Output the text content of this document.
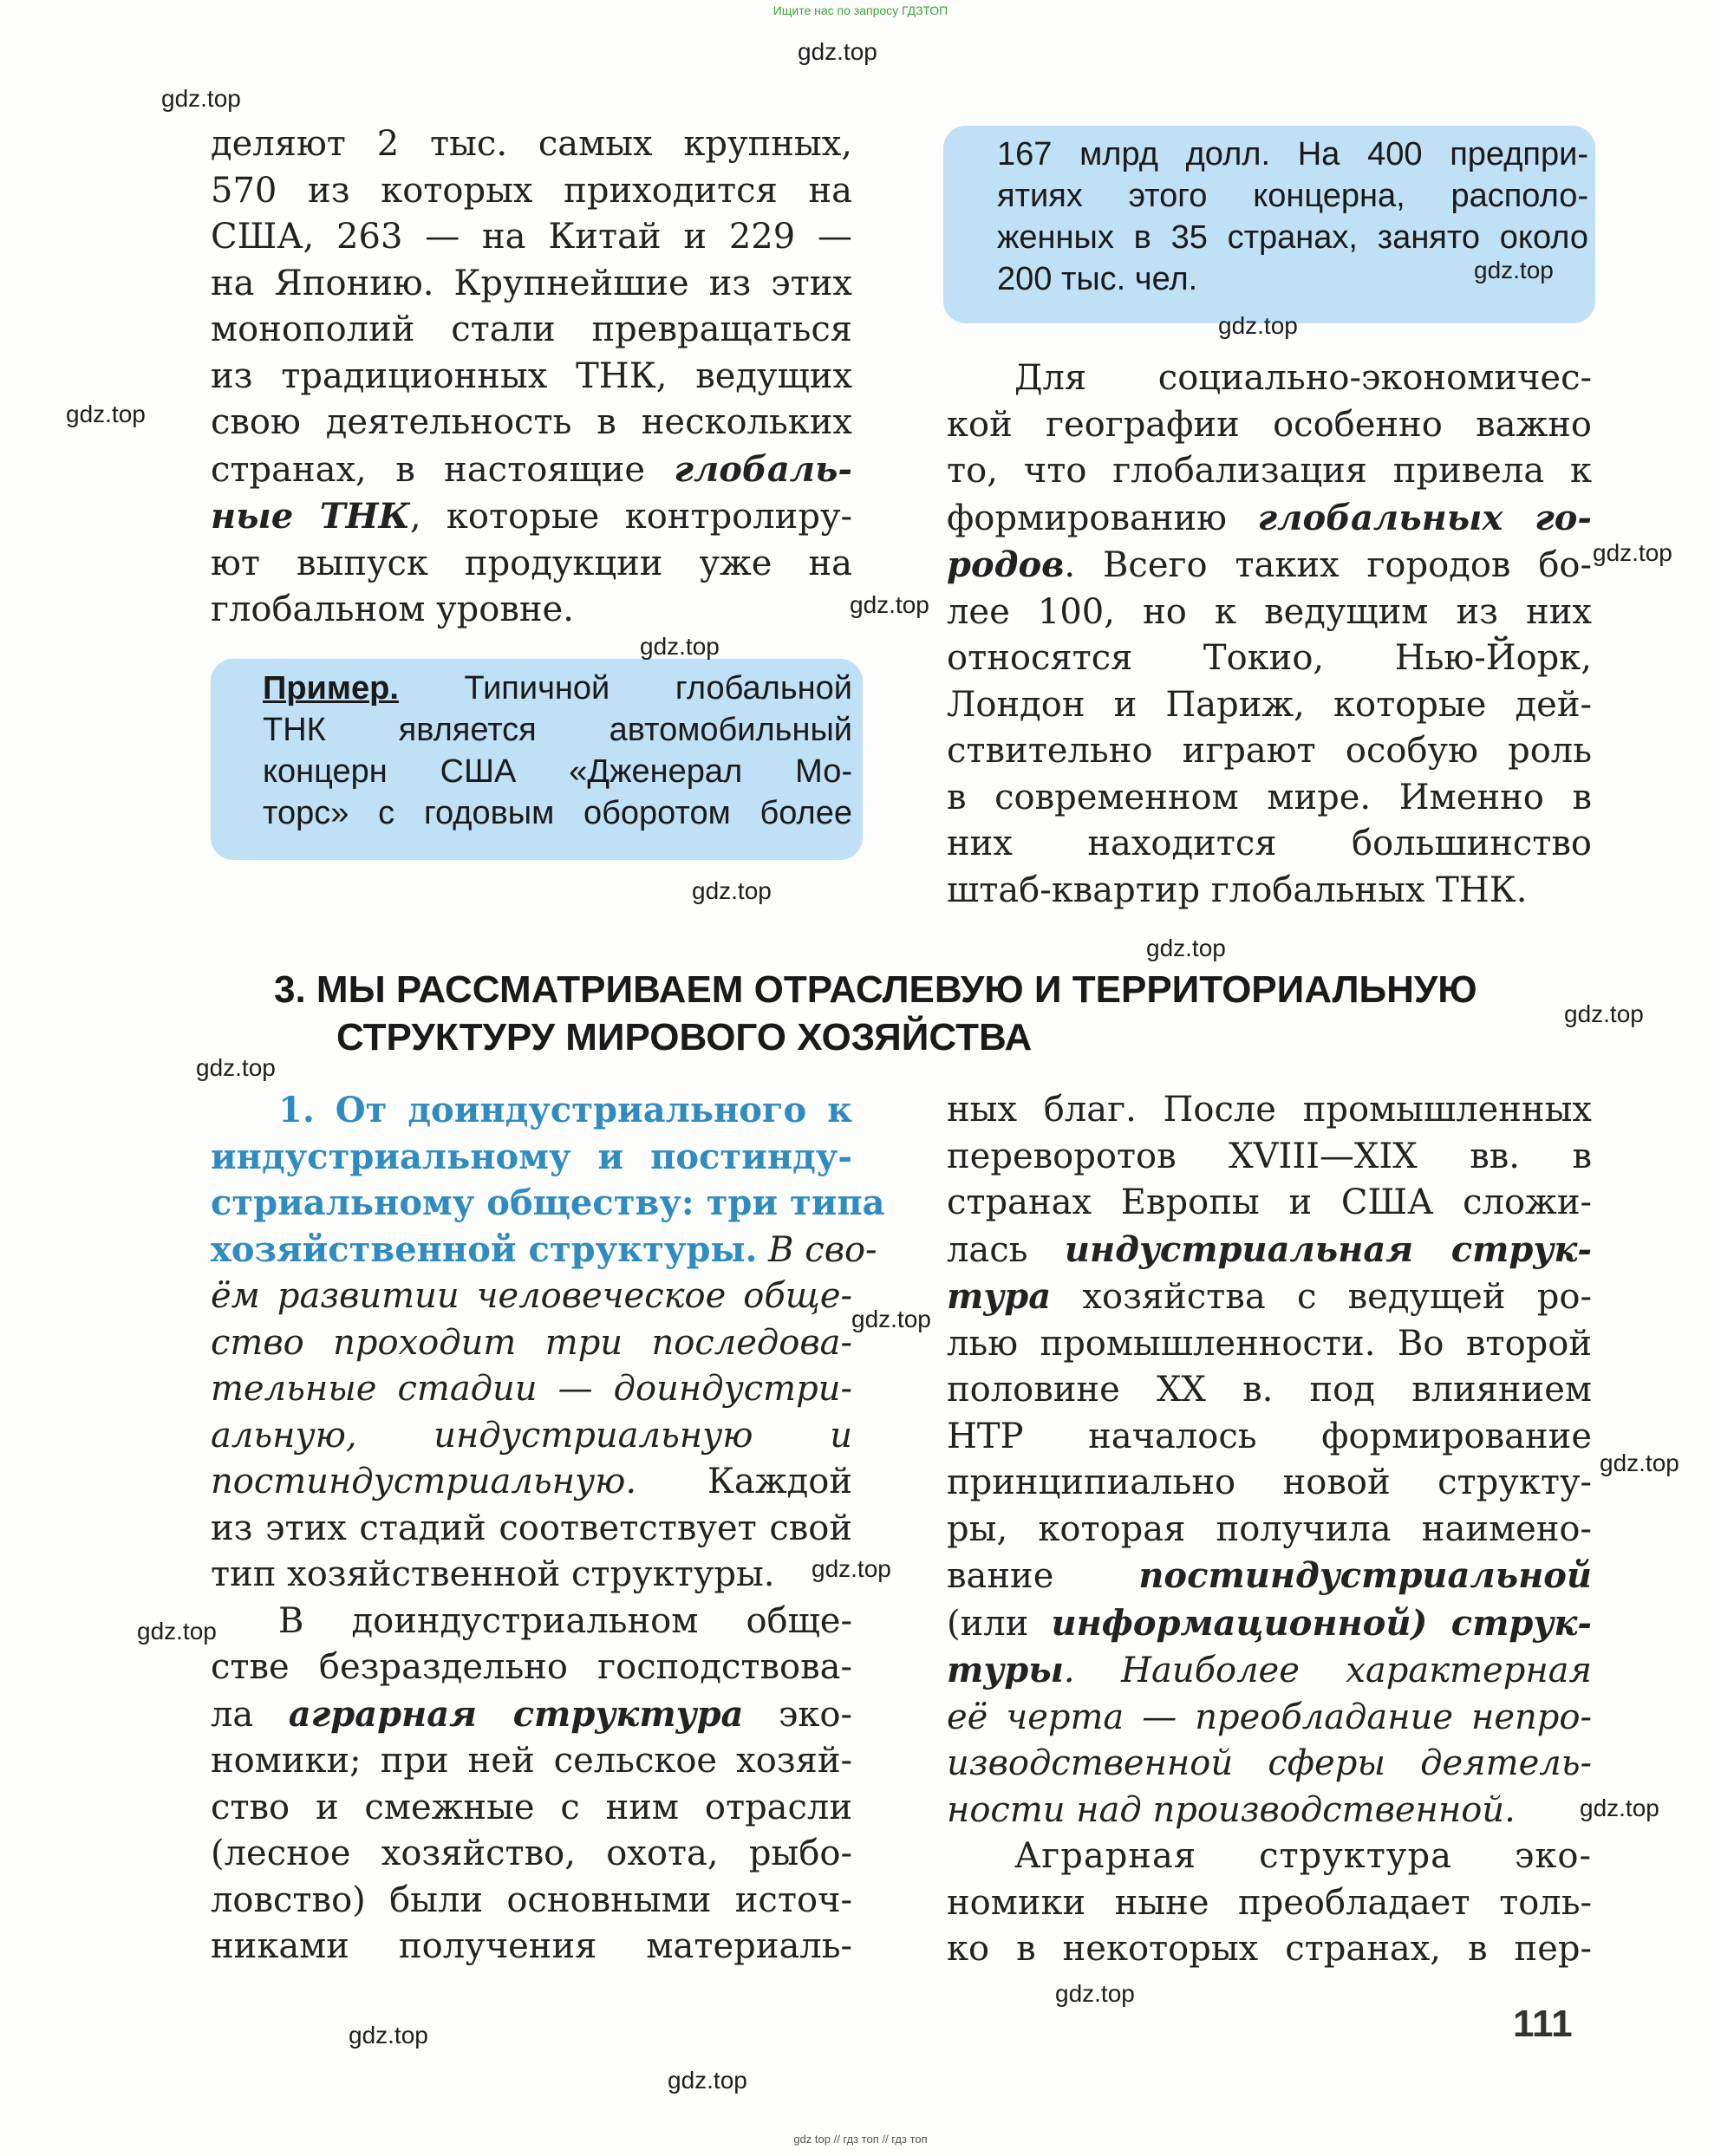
Ищите нас по запросу ГДЗТОП
деляют 2 тыс. самых крупных,
570 из которых приходится на
США, 263 — на Китай и 229 —
на Японию. Крупнейшие из этих
монополий стали превращаться
из традиционных ТНК, ведущих
свою деятельность в нескольких
странах, в настоящие глобаль-
ные ТНК, которые контролиру-
ют выпуск продукции уже на
глобальном уровне.
Пример. Типичной глобальной
ТНК является автомобильный
концерн США «Дженерал Мо-
торс» с годовым оборотом более
167 млрд долл. На 400 предпри-
ятиях этого концерна, располо-
женных в 35 странах, занято около
200 тыс. чел.
Для социально-экономичес-
кой географии особенно важно
то, что глобализация привела к
формированию глобальных го-
родов. Всего таких городов бо-
лее 100, но к ведущим из них
относятся Токио, Нью-Йорк,
Лондон и Париж, которые дей-
ствительно играют особую роль
в современном мире. Именно в
них находится большинство
штаб-квартир глобальных ТНК.
3. МЫ РАССМАТРИВАЕМ ОТРАСЛЕВУЮ И ТЕРРИТОРИАЛЬНУЮ
СТРУКТУРУ МИРОВОГО ХОЗЯЙСТВА
1. От доиндустриального к
индустриальному и постинду-
стриальному обществу: три типа
хозяйственной структуры. В сво-
ём развитии человеческое обще-
ство проходит три последова-
тельные стадии — доиндустри-
альную, индустриальную и
постиндустриальную. Каждой
из этих стадий соответствует свой
тип хозяйственной структуры.
В доиндустриальном обще-
стве безраздельно господствова-
ла аграрная структура эко-
номики; при ней сельское хозяй-
ство и смежные с ним отрасли
(лесное хозяйство, охота, рыбо-
ловство) были основными источ-
никами получения материаль-
ных благ. После промышленных
переворотов XVIII—XIX вв. в
странах Европы и США сложи-
лась индустриальная струк-
тура хозяйства с ведущей ро-
лью промышленности. Во второй
половине XX в. под влиянием
НТР началось формирование
принципиально новой структу-
ры, которая получила наимено-
вание постиндустриальной
(или информационной) струк-
туры. Наиболее характерная
её черта — преобладание непро-
изводственной сферы деятель-
ности над производственной.
Аграрная структура эко-
номики ныне преобладает толь-
ко в некоторых странах, в пер-
gdz.top
gdz.top
gdz.top
gdz.top
gdz.top
gdz.top
gdz.top
gdz.top
gdz.top
gdz.top
gdz.top
gdz.top
gdz.top
gdz.top
gdz.top
gdz.top
gdz.top
gdz.top
gdz.top
gdz.top
111
gdz top // гдз топ // гдз топ
